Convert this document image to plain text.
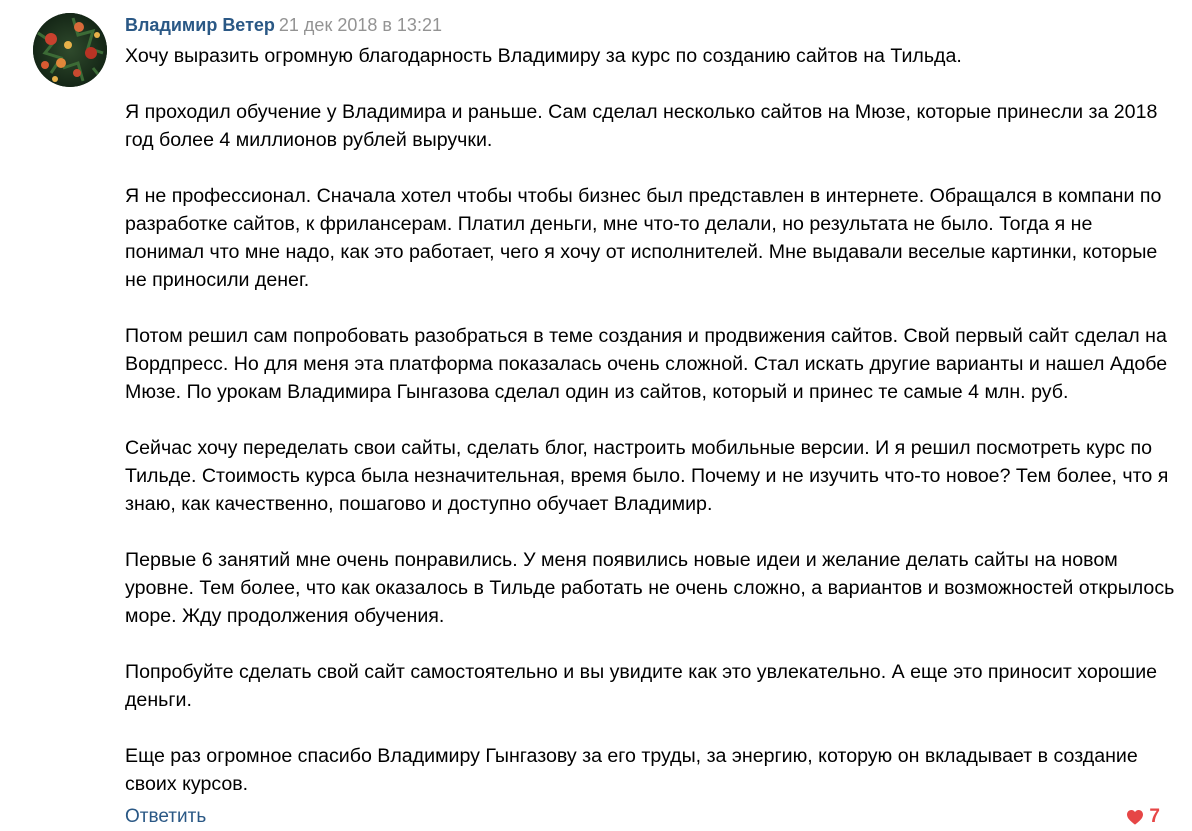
Владимир Ветер 21 дек 2018 в 13:21

Хочу выразить огромную благодарность Владимиру за курс по созданию сайтов на Тильда.

Я проходил обучение у Владимира и раньше. Сам сделал несколько сайтов на Мюзе, которые принесли за 2018 год более 4 миллионов рублей выручки.

Я не профессионал. Сначала хотел чтобы чтобы бизнес был представлен в интернете. Обращался в компани по разработке сайтов, к фрилансерам. Платил деньги, мне что-то делали, но результата не было. Тогда я не понимал что мне надо, как это работает, чего я хочу от исполнителей. Мне выдавали веселые картинки, которые не приносили денег.

Потом решил сам попробовать разобраться в теме создания и продвижения сайтов. Свой первый сайт сделал на Вордпресс. Но для меня эта платформа показалась очень сложной. Стал искать другие варианты и нашел Адобе Мюзе. По урокам Владимира Гынгазова сделал один из сайтов, который и принес те самые 4 млн. руб.

Сейчас хочу переделать свои сайты, сделать блог, настроить мобильные версии. И я решил посмотреть курс по Тильде. Стоимость курса была незначительная, время было. Почему и не изучить что-то новое? Тем более, что я знаю, как качественно, пошагово и доступно обучает Владимир.

Первые 6 занятий мне очень понравились. У меня появились новые идеи и желание делать сайты на новом уровне. Тем более, что как оказалось в Тильде работать не очень сложно, а вариантов и возможностей открылось море. Жду продолжения обучения.

Попробуйте сделать свой сайт самостоятельно и вы увидите как это увлекательно. А еще это приносит хорошие деньги.

Еще раз огромное спасибо Владимиру Гынгазову за его труды, за энергию, которую он вкладывает в создание своих курсов.

Ответить	7
